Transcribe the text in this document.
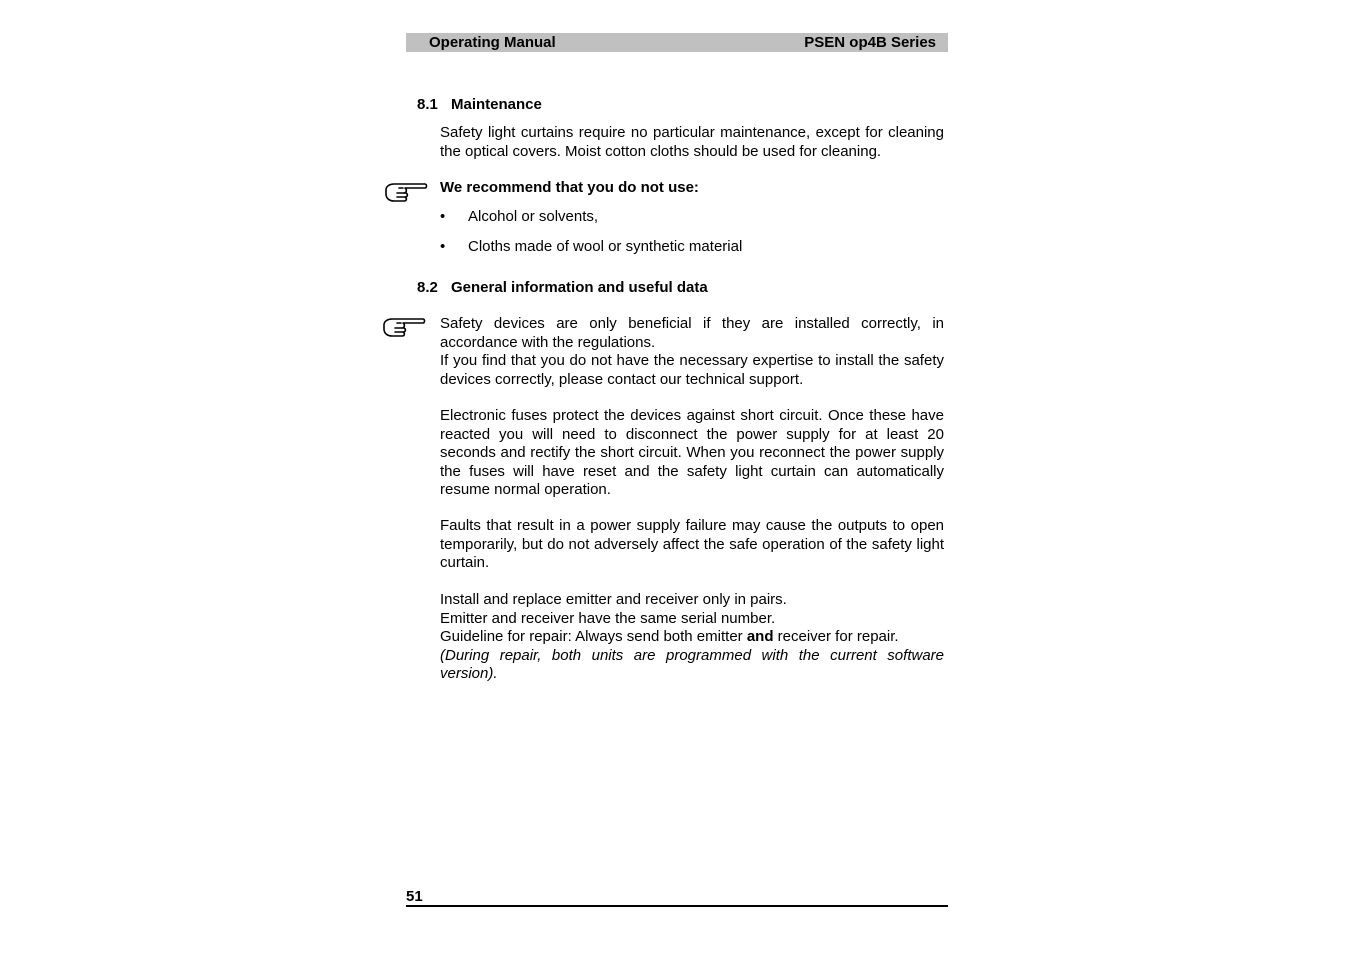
Operating Manual	PSEN op4B Series
8.1 Maintenance

Safety light curtains require no particular maintenance, except for cleaning the optical covers. Moist cotton cloths should be used for cleaning.

We recommend that you do not use:

• Alcohol or solvents,
• Cloths made of wool or synthetic material
8.2 General information and useful data

Safety devices are only beneficial if they are installed correctly, in accordance with the regulations.

If you find that you do not have the necessary expertise to install the safety devices correctly, please contact our technical support.

Electronic fuses protect the devices against short circuit. Once these have reacted you will need to disconnect the power supply for at least 20 seconds and rectify the short circuit. When you reconnect the power supply the fuses will have reset and the safety light curtain can automatically resume normal operation.

Faults that result in a power supply failure may cause the outputs to open temporarily, but do not adversely affect the safe operation of the safety light curtain.

Install and replace emitter and receiver only in pairs.

Emitter and receiver have the same serial number.

Guideline for repair: Always send both emitter and receiver for repair.

(During repair, both units are programmed with the current software version).

51
